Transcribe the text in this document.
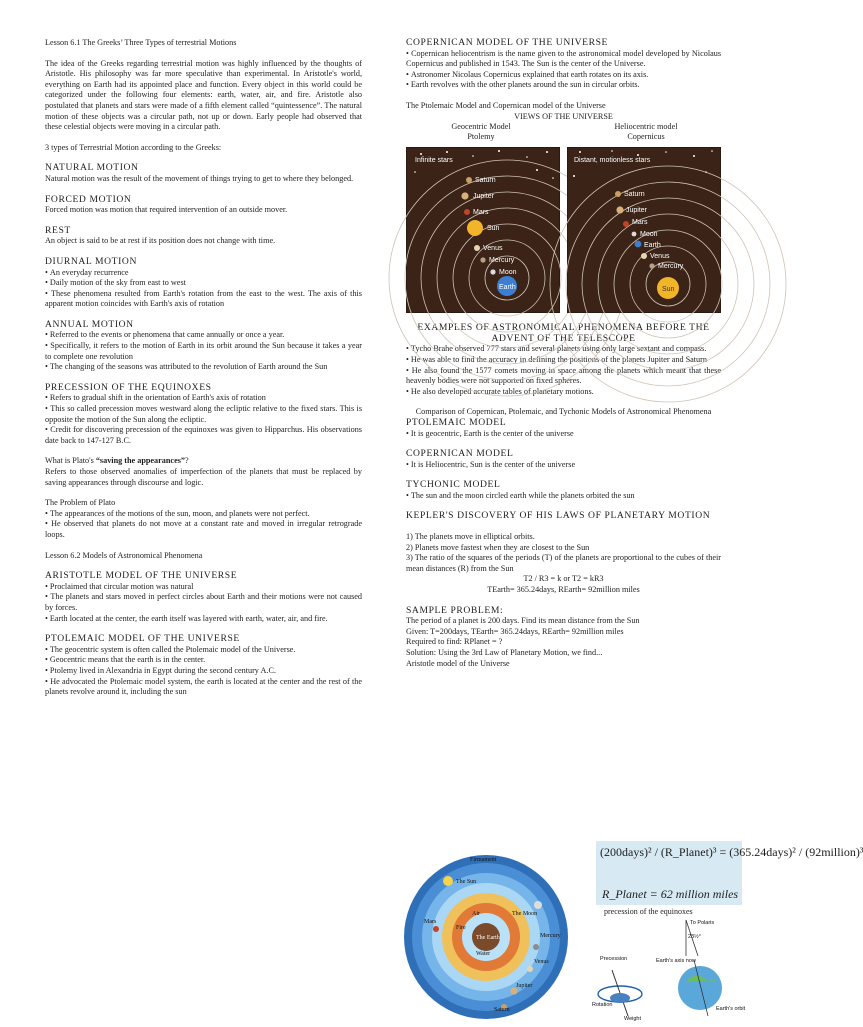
Lesson 6.1 The Greeks’ Three Types of terrestrial Motions

The idea of the Greeks regarding terrestrial motion was highly influenced by the thoughts of Aristotle. His philosophy was far more speculative than experimental. In Aristotle's world, everything on Earth had its appointed place and function. Every object in this world could be categorized under the following four elements: earth, water, air, and fire. Aristotle also postulated that planets and stars were made of a fifth element called “quintessence”. The natural motion of these objects was a circular path, not up or down. Early people had observed that these celestial objects were moving in a circular path.

3 types of Terrestrial Motion according to the Greeks:

NATURAL MOTION

Natural motion was the result of the movement of things trying to get to where they belonged.

FORCED MOTION

Forced motion was motion that required intervention of an outside mover.

REST

An object is said to be at rest if its position does not change with time.

DIURNAL MOTION

• An everyday recurrence

• Daily motion of the sky from east to west

• These phenomena resulted from Earth's rotation from the east to the west. The axis of this apparent motion coincides with Earth's axis of rotation

ANNUAL MOTION

• Referred to the events or phenomena that came annually or once a year.

• Specifically, it refers to the motion of Earth in its orbit around the Sun because it takes a year to complete one revolution

• The changing of the seasons was attributed to the revolution of Earth around the Sun

PRECESSION OF THE EQUINOXES

• Refers to gradual shift in the orientation of Earth's axis of rotation

• This so called precession moves westward along the ecliptic relative to the fixed stars. This is opposite the motion of the Sun along the ecliptic.

• Credit for discovering precession of the equinoxes was given to Hipparchus. His observations date back to 147-127 B.C.

What is Plato's “saving the appearances”?

Refers to those observed anomalies of imperfection of the planets that must be replaced by saving appearances through discourse and logic.

The Problem of Plato

• The appearances of the motions of the sun, moon, and planets were not perfect.

• He observed that planets do not move at a constant rate and moved in irregular retrograde loops.

Lesson 6.2 Models of Astronomical Phenomena

ARISTOTLE MODEL OF THE UNIVERSE

• Proclaimed that circular motion was natural

• The planets and stars moved in perfect circles about Earth and their motions were not caused by forces.

• Earth located at the center, the earth itself was layered with earth, water, air, and fire.

PTOLEMAIC MODEL OF THE UNIVERSE

• The geocentric system is often called the Ptolemaic model of the Universe.

• Geocentric means that the earth is in the center.

• Ptolemy lived in Alexandria in Egypt during the second century A.C.

• He advocated the Ptolemaic model system, the earth is located at the center and the rest of the planets revolve around it, including the sun

COPERNICAN MODEL OF THE UNIVERSE

• Copernican heliocentrism is the name given to the astronomical model developed by Nicolaus Copernicus and published in 1543. The Sun is the center of the Universe.

• Astronomer Nicolaus Copernicus explained that earth rotates on its axis.

• Earth revolves with the other planets around the sun in circular orbits.

The Ptolemaic Model and Copernican model of the Universe

VIEWS OF THE UNIVERSE

Geocentric Model
Ptolemy
Heliocentric model
Copernicus
Infinite stars
Saturn
Jupiter
Mars
Sun
Venus
Mercury
Moon
Earth
Distant, motionless stars
Saturn
Jupiter
Mars
Moon
Earth
Venus
Mercury
Sun

EXAMPLES OF ASTRONOMICAL PHENOMENA BEFORE THE ADVENT OF THE TELESCOPE

• Tycho Brahe observed 777 stars and several planets using only large sextant and compass.

• He was able to find the accuracy in defining the positions of the planets Jupiter and Saturn

• He also found the 1577 comets moving in space among the planets which meant that these heavenly bodies were not supported on fixed spheres.

• He also developed accurate tables of planetary motions.

Comparison of Copernican, Ptolemaic, and Tychonic Models of Astronomical Phenomena

PTOLEMAIC MODEL

• It is geocentric, Earth is the center of the universe

COPERNICAN MODEL

• It is Heliocentric, Sun is the center of the universe

TYCHONIC MODEL

• The sun and the moon circled earth while the planets orbited the sun

KEPLER'S DISCOVERY OF HIS LAWS OF PLANETARY MOTION

1) The planets move in elliptical orbits.

2) Planets move fastest when they are closest to the Sun

3) The ratio of the squares of the periods (T) of the planets are proportional to the cubes of their mean distances (R) from the Sun

T2 / R3 = k or T2 = kR3

TEarth= 365.24days, REarth= 92million miles

SAMPLE PROBLEM:

The period of a planet is 200 days. Find its mean distance from the Sun

Given: T=200days, TEarth= 365.24days, REarth= 92million miles

Required to find: RPlanet = ?

Solution: Using the 3rd Law of Planetary Motion, we find...

Aristotle model of the Universe

(200days)² / (R_Planet)³ = (365.24days)² / (92million)³
R_Planet = 62 million miles
Firmament
The Sun
Mars
Air
Fire
The Moon
The Earth	Mercury
Venus
Water
Jupiter
Saturn
precession of the equinoxes
To Polaris
23½°
Precession	Earth's axis now
Rotation
Earth's orbit
Weight
